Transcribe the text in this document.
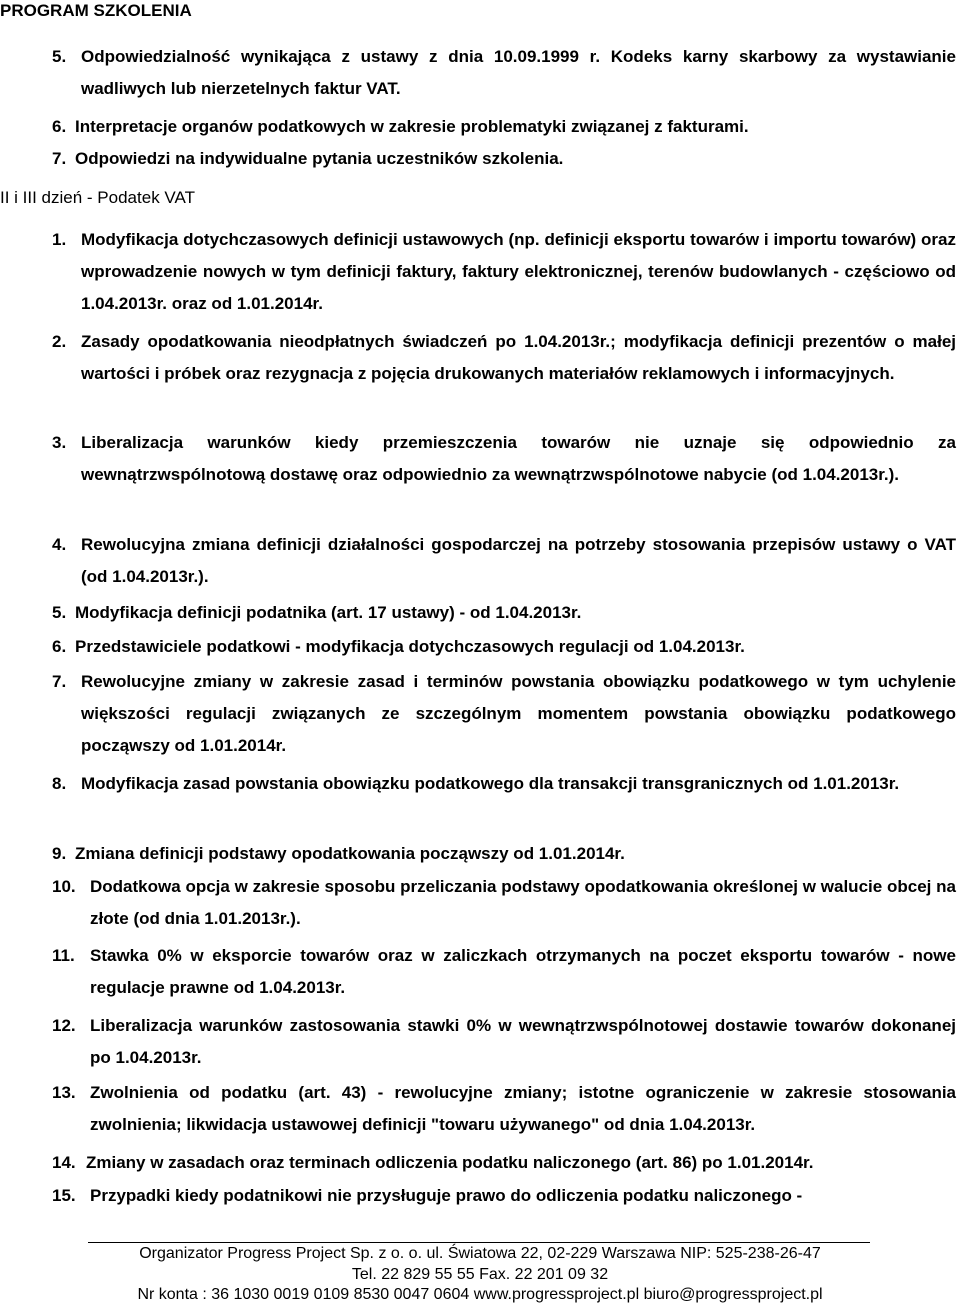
PROGRAM SZKOLENIA
5. Odpowiedzialność wynikająca z ustawy z dnia 10.09.1999 r. Kodeks karny skarbowy za wystawianie wadliwych lub nierzetelnych faktur VAT.
6. Interpretacje organów podatkowych w zakresie problematyki związanej z fakturami.
7. Odpowiedzi na indywidualne pytania uczestników szkolenia.
II i III dzień - Podatek VAT
1. Modyfikacja dotychczasowych definicji ustawowych (np. definicji eksportu towarów i importu towarów) oraz wprowadzenie nowych w tym definicji faktury, faktury elektronicznej, terenów budowlanych - częściowo od 1.04.2013r. oraz od 1.01.2014r.
2. Zasady opodatkowania nieodpłatnych świadczeń po 1.04.2013r.; modyfikacja definicji prezentów o małej wartości i próbek oraz rezygnacja z pojęcia drukowanych materiałów reklamowych i informacyjnych.
3. Liberalizacja warunków kiedy przemieszczenia towarów nie uznaje się odpowiednio za wewnątrzwspólnotową dostawę oraz odpowiednio za wewnątrzwspólnotowe nabycie (od 1.04.2013r.).
4. Rewolucyjna zmiana definicji działalności gospodarczej na potrzeby stosowania przepisów ustawy o VAT (od 1.04.2013r.).
5. Modyfikacja definicji podatnika (art. 17 ustawy) - od 1.04.2013r.
6. Przedstawiciele podatkowi - modyfikacja dotychczasowych regulacji od 1.04.2013r.
7. Rewolucyjne zmiany w zakresie zasad i terminów powstania obowiązku podatkowego w tym uchylenie większości regulacji związanych ze szczególnym momentem powstania obowiązku podatkowego począwszy od 1.01.2014r.
8. Modyfikacja zasad powstania obowiązku podatkowego dla transakcji transgranicznych od 1.01.2013r.
9. Zmiana definicji podstawy opodatkowania począwszy od 1.01.2014r.
10. Dodatkowa opcja w zakresie sposobu przeliczania podstawy opodatkowania określonej w walucie obcej na złote (od dnia 1.01.2013r.).
11. Stawka 0% w eksporcie towarów oraz w zaliczkach otrzymanych na poczet eksportu towarów - nowe regulacje prawne od 1.04.2013r.
12. Liberalizacja warunków zastosowania stawki 0% w wewnątrzwspólnotowej dostawie towarów dokonanej po 1.04.2013r.
13. Zwolnienia od podatku (art. 43) - rewolucyjne zmiany; istotne ograniczenie w zakresie stosowania zwolnienia; likwidacja ustawowej definicji "towaru używanego" od dnia 1.04.2013r.
14. Zmiany w zasadach oraz terminach odliczenia podatku naliczonego (art. 86) po 1.01.2014r.
15. Przypadki kiedy podatnikowi nie przysługuje prawo do odliczenia podatku naliczonego -
Organizator Progress Project Sp. z o. o. ul. Światowa 22, 02-229 Warszawa NIP: 525-238-26-47
Tel. 22 829 55 55 Fax. 22 201 09 32
Nr konta : 36 1030 0019 0109 8530 0047 0604 www.progressproject.pl biuro@progressproject.pl
